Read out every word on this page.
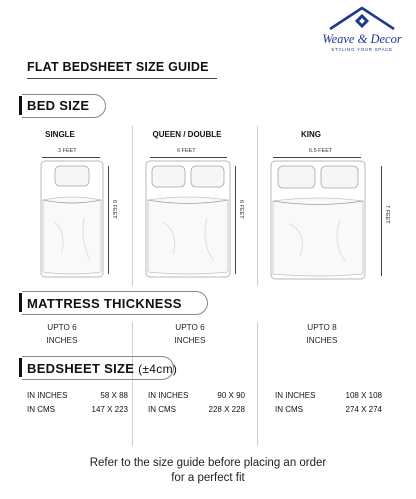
Weave & Decor
STYLING YOUR SPACE
FLAT BEDSHEET SIZE GUIDE
BED SIZE
SINGLE
3 FEET
6 FEET
QUEEN / DOUBLE
6 FEET
6 FEET
KING
6.5 FEET
7 FEET
MATTRESS THICKNESS
UPTO 6
INCHES
UPTO 6
INCHES
UPTO 8
INCHES
BEDSHEET SIZE (±4cm)
IN INCHES	58 X 88
IN CMS	147 X 223
IN INCHES	90 X 90
IN CMS	228 X 228
IN INCHES	108 X 108
IN CMS	274 X 274
Refer to the size guide before placing an order
for a perfect fit
